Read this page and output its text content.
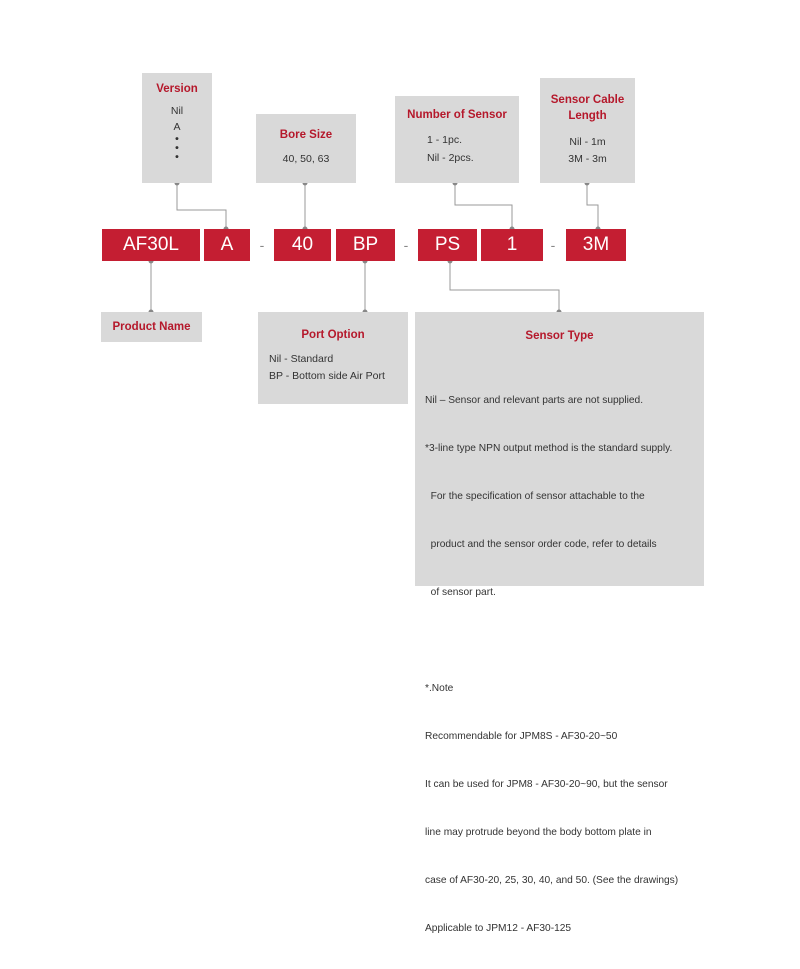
Version
Nil
A
•
•
•
Bore Size
40, 50, 63
Number of Sensor
1 - 1pc.
Nil - 2pcs.
Sensor Cable
Length
Nil - 1m
3M - 3m
AF30L	A	-	40	BP	-	PS	1	-	3M
Product Name
Port Option
Nil - Standard
BP - Bottom side Air Port
Sensor Type

Nil – Sensor and relevant parts are not supplied.

*3-line type NPN output method is the standard supply.

For the specification of sensor attachable to the

product and the sensor order code, refer to details

of sensor part.

*.Note

Recommendable for JPM8S - AF30-20~50

It can be used for JPM8 - AF30-20~90, but the sensor

line may protrude beyond the body bottom plate in

case of AF30-20, 25, 30, 40, and 50. (See the drawings)

Applicable to JPM12 - AF30-125
